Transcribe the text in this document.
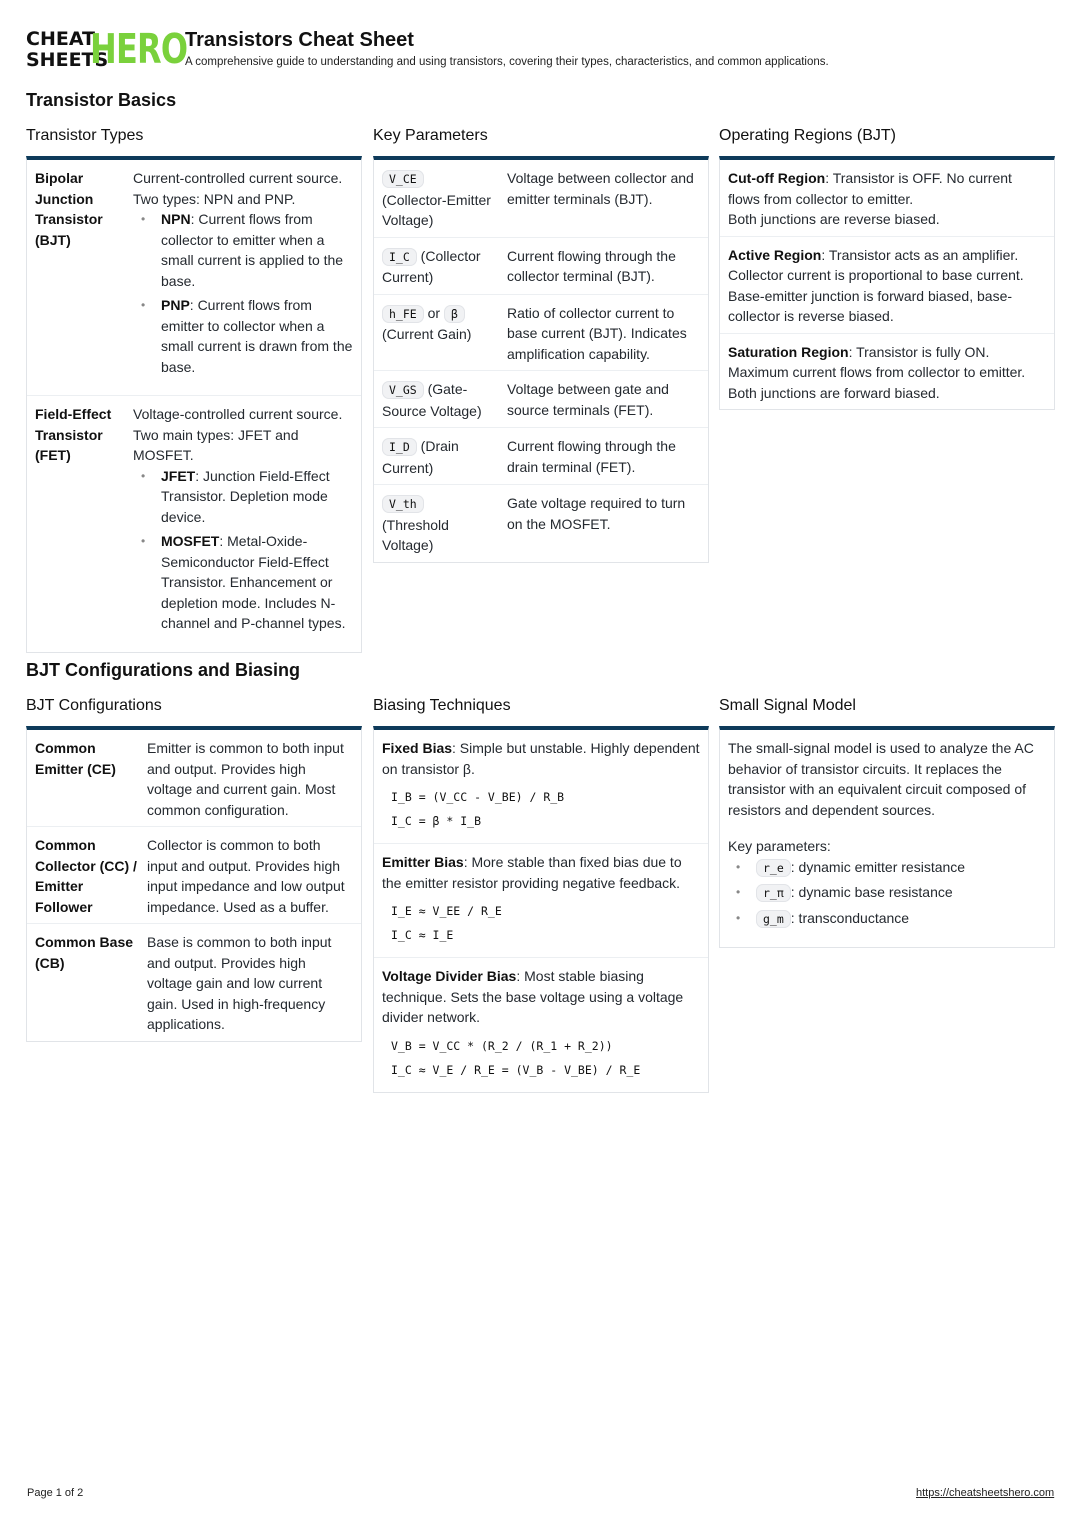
CHEAT
SHEETS
HERO
Transistors Cheat Sheet
A comprehensive guide to understanding and using transistors, covering their types, characteristics, and common applications.
Transistor Basics
Transistor Types
Bipolar Junction Transistor (BJT)
Current-controlled current source. Two types: NPN and PNP.
• NPN: Current flows from collector to emitter when a small current is applied to the base.
• PNP: Current flows from emitter to collector when a small current is drawn from the base.
Field-Effect Transistor (FET)
Voltage-controlled current source. Two main types: JFET and MOSFET.
• JFET: Junction Field-Effect Transistor. Depletion mode device.
• MOSFET: Metal-Oxide-Semiconductor Field-Effect Transistor. Enhancement or depletion mode. Includes N-channel and P-channel types.
Key Parameters
V_CE
(Collector-Emitter Voltage)
Voltage between collector and emitter terminals (BJT).
I_C (Collector Current)
Current flowing through the collector terminal (BJT).
h_FE or β
(Current Gain)
Ratio of collector current to base current (BJT). Indicates amplification capability.
V_GS (Gate-Source Voltage)
Voltage between gate and source terminals (FET).
I_D (Drain Current)
Current flowing through the drain terminal (FET).
V_th
(Threshold Voltage)
Gate voltage required to turn on the MOSFET.
Operating Regions (BJT)
Cut-off Region: Transistor is OFF. No current flows from collector to emitter.
Both junctions are reverse biased.
Active Region: Transistor acts as an amplifier. Collector current is proportional to base current. Base-emitter junction is forward biased, base-collector is reverse biased.
Saturation Region: Transistor is fully ON. Maximum current flows from collector to emitter. Both junctions are forward biased.
BJT Configurations and Biasing
BJT Configurations
Common Emitter (CE)
Emitter is common to both input and output. Provides high voltage and current gain. Most common configuration.
Common Collector (CC) / Emitter Follower
Collector is common to both input and output. Provides high input impedance and low output impedance. Used as a buffer.
Common Base (CB)
Base is common to both input and output. Provides high voltage gain and low current gain. Used in high-frequency applications.
Biasing Techniques
Fixed Bias: Simple but unstable. Highly dependent on transistor β.
I_B = (V_CC - V_BE) / R_B
I_C = β * I_B
Emitter Bias: More stable than fixed bias due to the emitter resistor providing negative feedback.
I_E ≈ V_EE / R_E
I_C ≈ I_E
Voltage Divider Bias: Most stable biasing technique. Sets the base voltage using a voltage divider network.
V_B = V_CC * (R_2 / (R_1 + R_2))
I_C ≈ V_E / R_E = (V_B - V_BE) / R_E
Small Signal Model
The small-signal model is used to analyze the AC behavior of transistor circuits. It replaces the transistor with an equivalent circuit composed of resistors and dependent sources.
Key parameters:
• r_e : dynamic emitter resistance
• r_π : dynamic base resistance
• g_m : transconductance
Page 1 of 2	https://cheatsheetshero.com
